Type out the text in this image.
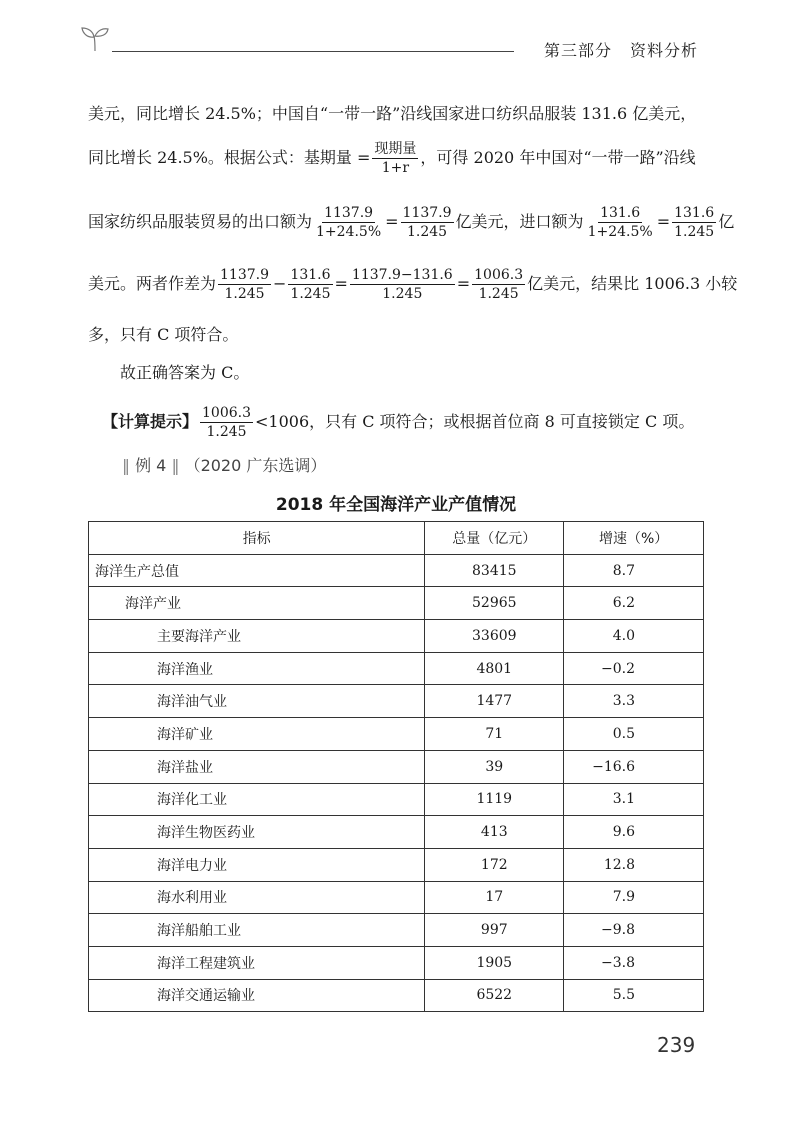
第三部分 资料分析
美元，同比增长 24.5%；中国自“一带一路”沿线国家进口纺织品服装 131.6 亿美元，
同比增长 24.5%。根据公式：基期量 = $\frac{\text{现期量}}{1+r}$ ，可得 2020 年中国对“一带一路”沿线
国家纺织品服装贸易的出口额为 $\frac{1137.9}{1+24.5\%} = \frac{1137.9}{1.245}$ 亿美元，进口额为 $\frac{131.6}{1+24.5\%} = \frac{131.6}{1.245}$ 亿
美元。两者作差为 $\frac{1137.9}{1.245} - \frac{131.6}{1.245} = \frac{1137.9-131.6}{1.245} = \frac{1006.3}{1.245}$ 亿美元，结果比 1006.3 小较
多，只有 C 项符合。
故正确答案为 C。
【计算提示】 $\frac{1006.3}{1.245} <1006$，只有 C 项符合；或根据首位商 8 可直接锁定 C 项。
‖ 例 4 ‖ （2020 广东选调）
2018 年全国海洋产业产值情况
指标	总量（亿元）	增速（%）
海洋生产总值	83415	8.7
海洋产业	52965	6.2
主要海洋产业	33609	4.0
海洋渔业	4801	−0.2
海洋油气业	1477	3.3
海洋矿业	71	0.5
海洋盐业	39	−16.6
海洋化工业	1119	3.1
海洋生物医药业	413	9.6
海洋电力业	172	12.8
海水利用业	17	7.9
海洋船舶工业	997	−9.8
海洋工程建筑业	1905	−3.8
海洋交通运输业	6522	5.5
239
